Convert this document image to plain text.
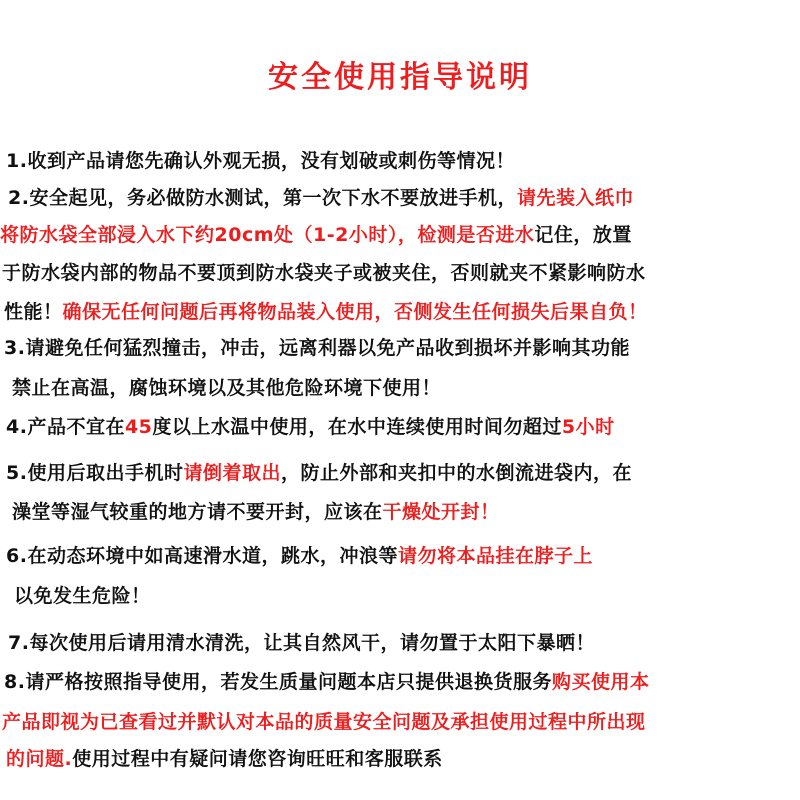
安全使用指导说明
1.收到产品请您先确认外观无损，没有划破或刺伤等情况！
2.安全起见，务必做防水测试，第一次下水不要放进手机，请先装入纸巾
将防水袋全部浸入水下约20cm处（1-2小时），检测是否进水记住，放置
于防水袋内部的物品不要顶到防水袋夹子或被夹住，否则就夹不紧影响防水
性能！确保无任何问题后再将物品装入使用，否侧发生任何损失后果自负！
3.请避免任何猛烈撞击，冲击，远离利器以免产品收到损坏并影响其功能
禁止在高温，腐蚀环境以及其他危险环境下使用！
4.产品不宜在45度以上水温中使用，在水中连续使用时间勿超过5小时
5.使用后取出手机时请倒着取出，防止外部和夹扣中的水倒流进袋内，在
澡堂等湿气较重的地方请不要开封，应该在干燥处开封！
6.在动态环境中如高速滑水道，跳水，冲浪等请勿将本品挂在脖子上
以免发生危险！
7.每次使用后请用清水清洗，让其自然风干，请勿置于太阳下暴晒！
8.请严格按照指导使用，若发生质量问题本店只提供退换货服务购买使用本
产品即视为已查看过并默认对本品的质量安全问题及承担使用过程中所出现
的问题.使用过程中有疑问请您咨询旺旺和客服联系
